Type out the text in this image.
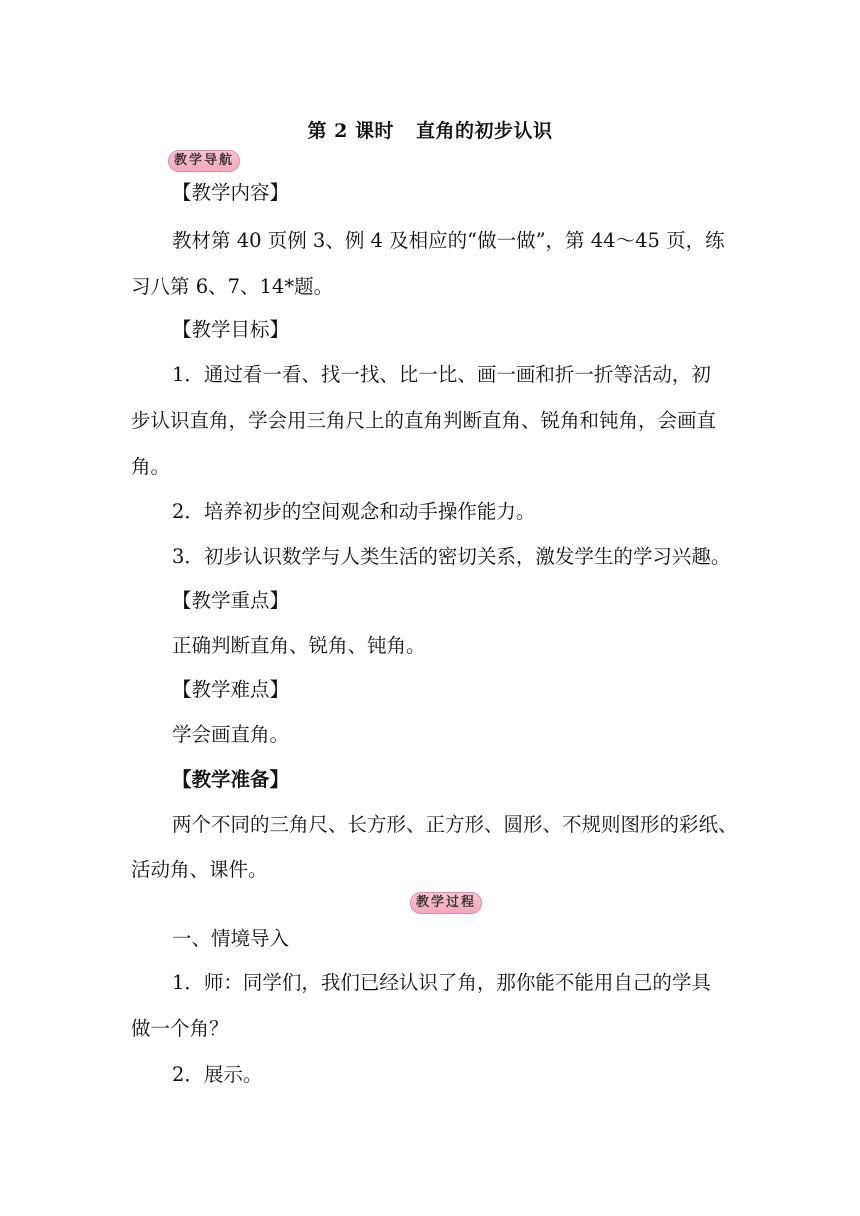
第 2 课时 直角的初步认识
教学导航
【教学内容】
教材第 40 页例 3、例 4 及相应的“做一做”，第 44～45 页，练
习八第 6、7、14*题。
【教学目标】
1．通过看一看、找一找、比一比、画一画和折一折等活动，初
步认识直角，学会用三角尺上的直角判断直角、锐角和钝角，会画直
角。
2．培养初步的空间观念和动手操作能力。
3．初步认识数学与人类生活的密切关系，激发学生的学习兴趣。
【教学重点】
正确判断直角、锐角、钝角。
【教学难点】
学会画直角。
【教学准备】
两个不同的三角尺、长方形、正方形、圆形、不规则图形的彩纸、
活动角、课件。
教学过程
一、情境导入
1．师：同学们，我们已经认识了角，那你能不能用自己的学具
做一个角？
2．展示。
